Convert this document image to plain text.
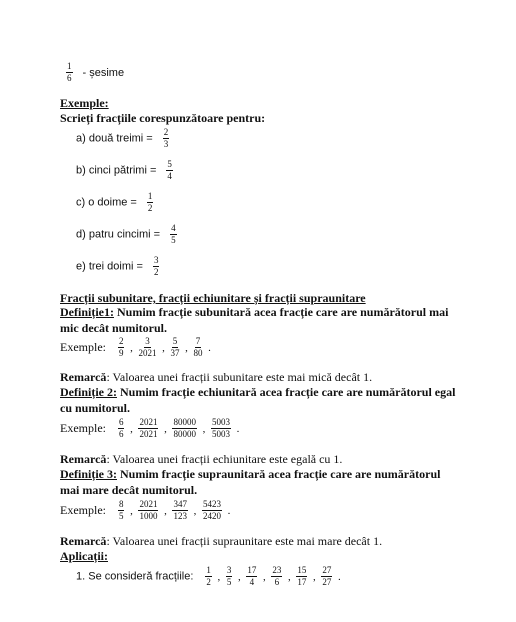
$\frac{1}{6}$ - șesime
Exemple:
Scrieți fracțiile corespunzătoare pentru:
a) două treimi = $\frac{2}{3}$
b) cinci pătrimi = $\frac{5}{4}$
c) o doime = $\frac{1}{2}$
d) patru cincimi = $\frac{4}{5}$
e) trei doimi = $\frac{3}{2}$
Fracții subunitare, fracții echiunitare și fracții supraunitare
Definiție1: Numim fracție subunitară acea fracție care are numărătorul mai
mic decât numitorul.
Exemple: $\frac{2}{9}$ , $\frac{3}{2021}$ , $\frac{5}{37}$ , $\frac{7}{80}$ .
Remarcă: Valoarea unei fracții subunitare este mai mică decât 1.
Definiție 2: Numim fracție echiunitară acea fracție care are numărătorul egal
cu numitorul.
Exemple: $\frac{6}{6}$ , $\frac{2021}{2021}$ , $\frac{80000}{80000}$ , $\frac{5003}{5003}$ .
Remarcă: Valoarea unei fracții echiunitare este egală cu 1.
Definiție 3: Numim fracție supraunitară acea fracție care are numărătorul
mai mare decât numitorul.
Exemple: $\frac{8}{5}$ , $\frac{2021}{1000}$ , $\frac{347}{123}$ , $\frac{5423}{2420}$ .
Remarcă: Valoarea unei fracții supraunitare este mai mare decât 1.
Aplicații:
1. Se consideră fracțiile: $\frac{1}{2}$ , $\frac{3}{5}$ , $\frac{17}{4}$ , $\frac{23}{6}$ , $\frac{15}{17}$ , $\frac{27}{27}$ .
